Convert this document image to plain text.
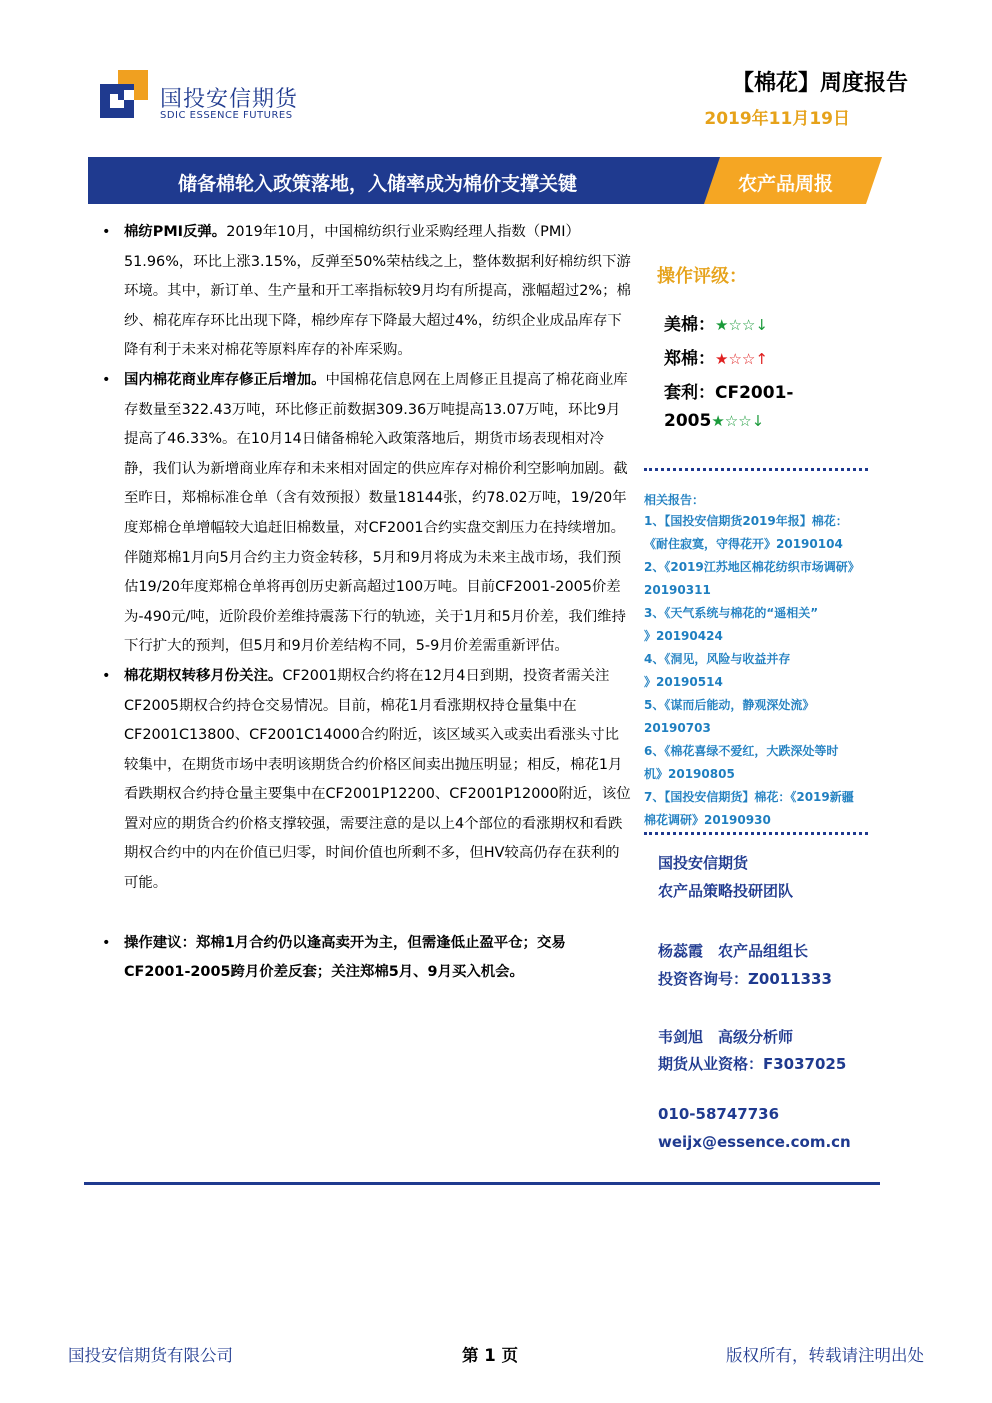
国投安信期货
SDIC ESSENCE FUTURES
【棉花】周度报告
2019年11月19日
储备棉轮入政策落地，入储率成为棉价支撑关键	农产品周报
• 棉纺PMI反弹。2019年10月，中国棉纺织行业采购经理人指数（PMI）51.96%，环比上涨3.15%，反弹至50%荣枯线之上，整体数据利好棉纺织下游环境。其中，新订单、生产量和开工率指标较9月均有所提高，涨幅超过2%；棉纱、棉花库存环比出现下降，棉纱库存下降最大超过4%，纺织企业成品库存下降有利于未来对棉花等原料库存的补库采购。
• 国内棉花商业库存修正后增加。中国棉花信息网在上周修正且提高了棉花商业库存数量至322.43万吨，环比修正前数据309.36万吨提高13.07万吨，环比9月提高了46.33%。在10月14日储备棉轮入政策落地后，期货市场表现相对冷静，我们认为新增商业库存和未来相对固定的供应库存对棉价利空影响加剧。截至昨日，郑棉标准仓单（含有效预报）数量18144张，约78.02万吨，19/20年度郑棉仓单增幅较大追赶旧棉数量，对CF2001合约实盘交割压力在持续增加。伴随郑棉1月向5月合约主力资金转移，5月和9月将成为未来主战市场，我们预估19/20年度郑棉仓单将再创历史新高超过100万吨。目前CF2001-2005价差为-490元/吨，近阶段价差维持震荡下行的轨迹，关于1月和5月价差，我们维持下行扩大的预判，但5月和9月价差结构不同，5-9月价差需重新评估。
• 棉花期权转移月份关注。CF2001期权合约将在12月4日到期，投资者需关注CF2005期权合约持仓交易情况。目前，棉花1月看涨期权持仓量集中在CF2001C13800、CF2001C14000合约附近，该区域买入或卖出看涨头寸比较集中，在期货市场中表明该期货合约价格区间卖出抛压明显；相反，棉花1月看跌期权合约持仓量主要集中在CF2001P12200、CF2001P12000附近，该位置对应的期货合约价格支撑较强，需要注意的是以上4个部位的看涨期权和看跌期权合约中的内在价值已归零，时间价值也所剩不多，但HV较高仍存在获利的可能。
• 操作建议：郑棉1月合约仍以逢高卖开为主，但需逢低止盈平仓；交易CF2001-2005跨月价差反套；关注郑棉5月、9月买入机会。
操作评级：
美棉：★☆☆↓
郑棉：★☆☆↑
套利：CF2001-
2005★☆☆↓
相关报告：
1、【国投安信期货2019年报】棉花：
《耐住寂寞，守得花开》20190104
2、《2019江苏地区棉花纺织市场调研》
20190311
3、《天气系统与棉花的“遥相关”
》20190424
4、《洞见，风险与收益并存
》20190514
5、《谋而后能动，静观深处流》
20190703
6、《棉花喜绿不爱红，大跌深处等时
机》20190805
7、【国投安信期货】棉花：《2019新疆
棉花调研》20190930
国投安信期货
农产品策略投研团队
杨蕊霞　农产品组组长
投资咨询号：Z0011333
韦剑旭　高级分析师
期货从业资格：F3037025
010-58747736
weijx@essence.com.cn
国投安信期货有限公司	第 1 页	版权所有，转载请注明出处
